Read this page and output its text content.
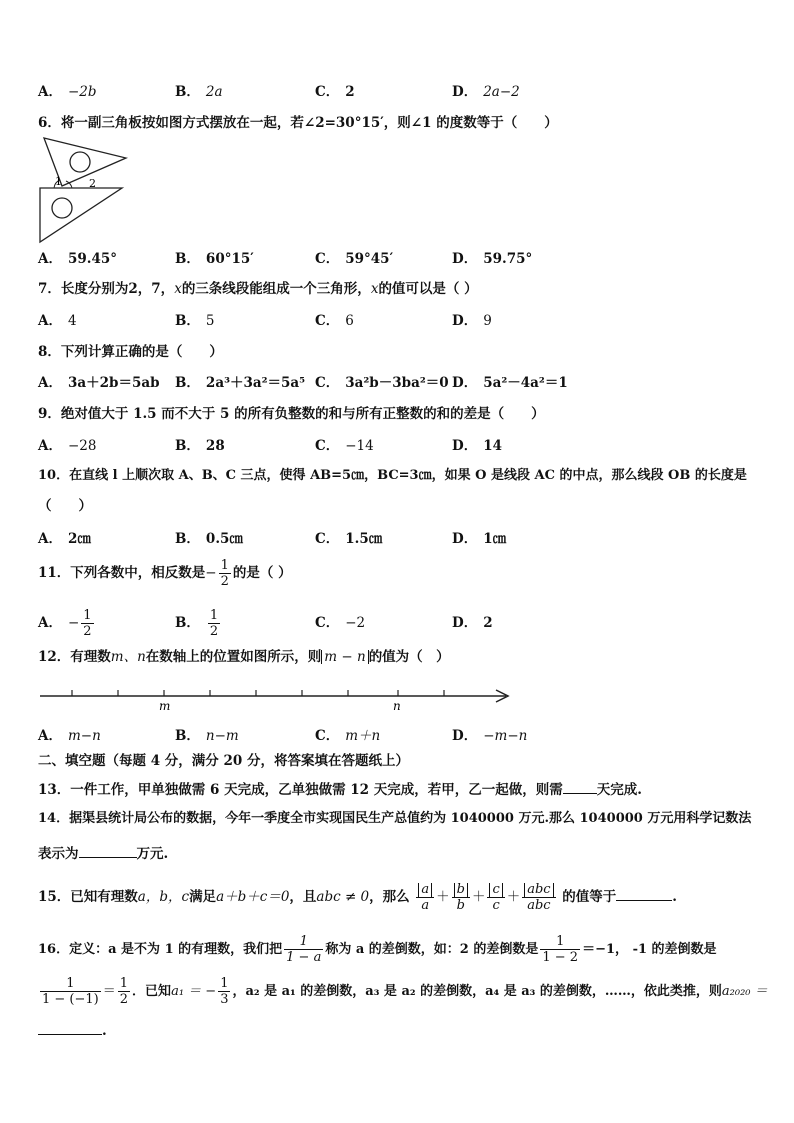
A． −2b	B． 2a	C． 2	D． 2a−2
6．将一副三角板按如图方式摆放在一起，若∠2=30°15′，则∠1 的度数等于（　　）
1 2
A． 59.45°	B． 60°15′	C． 59°45′	D． 59.75°
7．长度分别为2，7，x的三条线段能组成一个三角形，x的值可以是（ ）
A． 4	B． 5	C． 6	D． 9
8．下列计算正确的是（　　）
A． 3a＋2b＝5ab B． 2a³＋3a²＝5a⁵ C． 3a²b－3ba²＝0 D． 5a²－4a²＝1
9．绝对值大于 1.5 而不大于 5 的所有负整数的和与所有正整数的和的差是（　　）
A． −28	B． 28	C． −14	D． 14
10．在直线 l 上顺次取 A、B、C 三点，使得 AB=5㎝，BC=3㎝，如果 O 是线段 AC 的中点，那么线段 OB 的长度是
（　　）
A． 2㎝	B． 0.5㎝	C． 1.5㎝	D． 1㎝
11．下列各数中，相反数是− $\frac{1}{2}$ 的是（ ）
A． − $\frac{1}{2}$	B． $\frac{1}{2}$	C． −2	D． 2
12．有理数m、n在数轴上的位置如图所示，则 m − n 的值为（　）
m	n
A． m−n	B． n−m	C． m＋n	D． −m−n
二、填空题（每题 4 分，满分 20 分，将答案填在答题纸上）
13．一件工作，甲单独做需 6 天完成，乙单独做需 12 天完成，若甲，乙一起做，则需	天完成.
14．据渠县统计局公布的数据，今年一季度全市实现国民生产总值约为 1040000 万元.那么 1040000 万元用科学记数法
表示为	万元.
15．已知有理数a，b，c满足a＋b＋c＝0，且abc ≠ 0，那么 $\frac{a}{a} + \frac{b}{b} + \frac{c}{c} + \frac{\text{abc}}{\text{abc}}$ 的值等于	.
16．定义：a 是不为 1 的有理数，我们把 $\frac{1}{1 - a}$ 称为 a 的差倒数，如：2 的差倒数是 $\frac{1}{1 - 2} =-1$， -1 的差倒数是
$\frac{1}{1 - (-1)} = \frac{1}{2}$ ．已知a₁ ＝ − $\frac{1}{3}$ ，a₂ 是 a₁ 的差倒数，a₃ 是 a₂ 的差倒数，a₄ 是 a₃ 的差倒数，……，依此类推，则a₂₀₂₀ ＝
.
